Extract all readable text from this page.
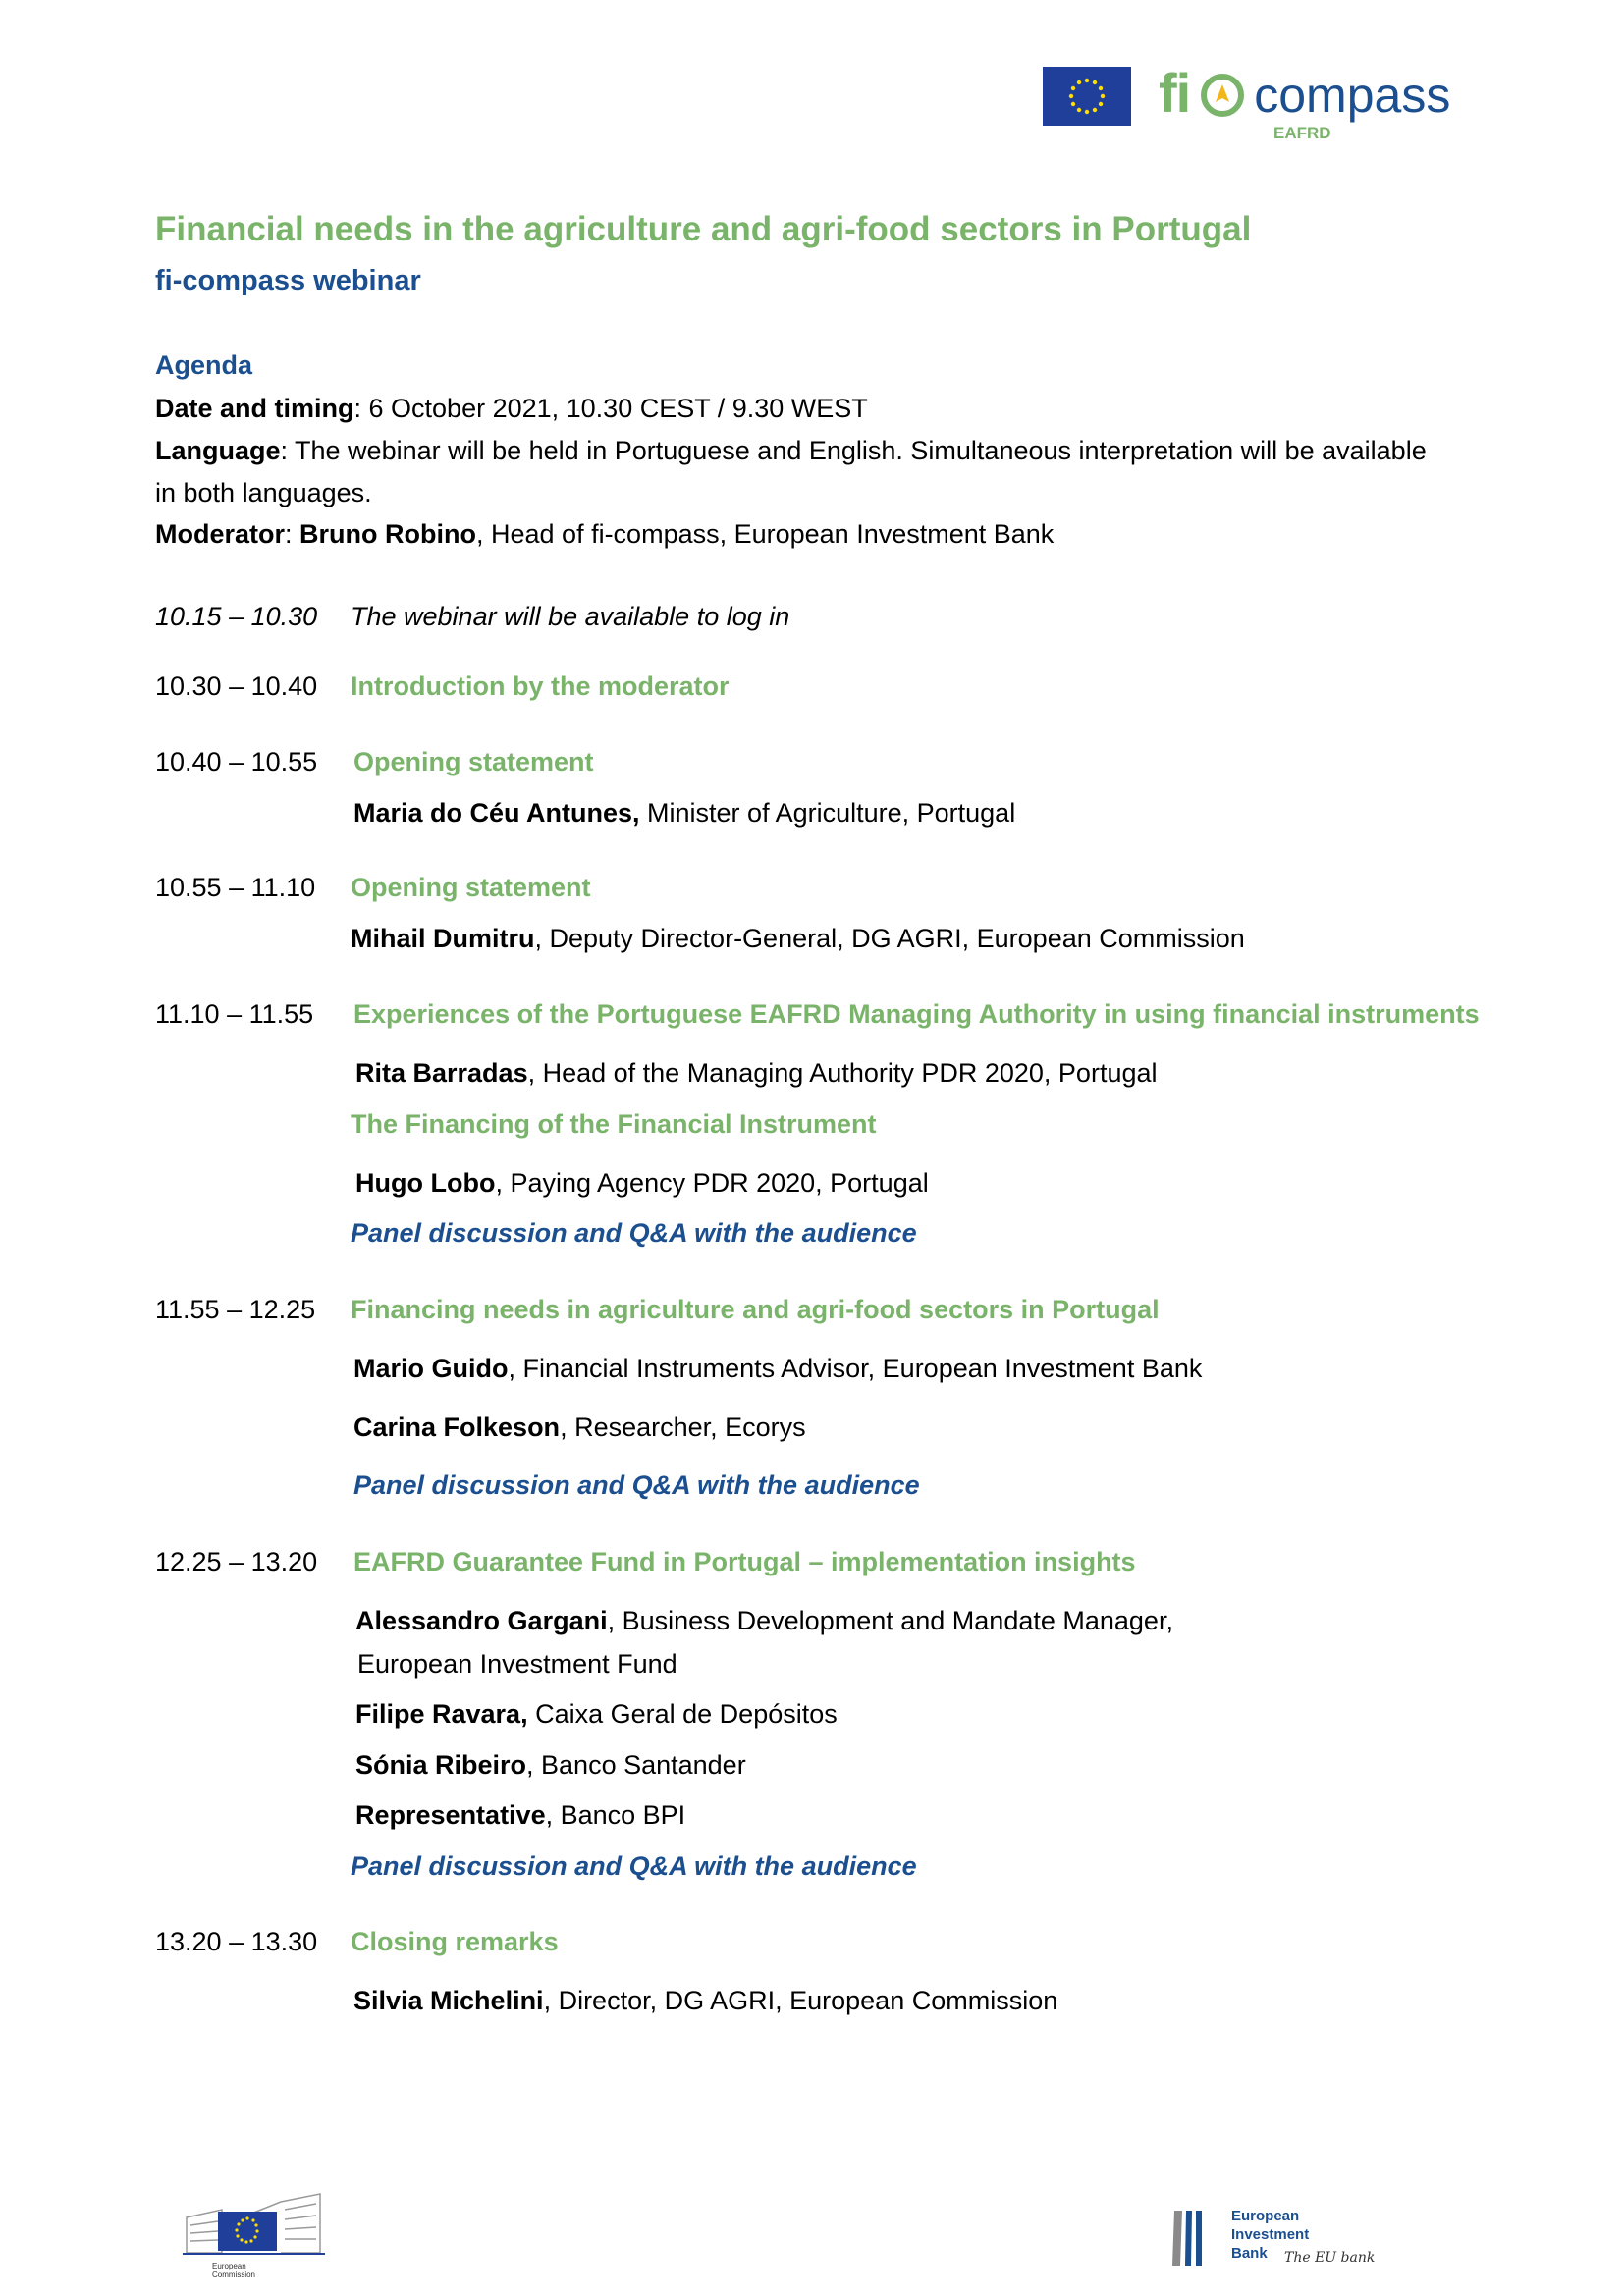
fi compass
EAFRD
Financial needs in the agriculture and agri-food sectors in Portugal
fi-compass webinar
Agenda
Date and timing: 6 October 2021, 10.30 CEST / 9.30 WEST
Language: The webinar will be held in Portuguese and English. Simultaneous interpretation will be available
in both languages.
Moderator: Bruno Robino, Head of fi-compass, European Investment Bank
10.15 – 10.30 The webinar will be available to log in
10.30 – 10.40 Introduction by the moderator
10.40 – 10.55 Opening statement
Maria do Céu Antunes, Minister of Agriculture, Portugal
10.55 – 11.10 Opening statement
Mihail Dumitru, Deputy Director-General, DG AGRI, European Commission
11.10 – 11.55 Experiences of the Portuguese EAFRD Managing Authority in using financial instruments
Rita Barradas, Head of the Managing Authority PDR 2020, Portugal
The Financing of the Financial Instrument
Hugo Lobo, Paying Agency PDR 2020, Portugal
Panel discussion and Q&A with the audience
11.55 – 12.25 Financing needs in agriculture and agri-food sectors in Portugal
Mario Guido, Financial Instruments Advisor, European Investment Bank
Carina Folkeson, Researcher, Ecorys
Panel discussion and Q&A with the audience
12.25 – 13.20 EAFRD Guarantee Fund in Portugal – implementation insights
Alessandro Gargani, Business Development and Mandate Manager,
European Investment Fund
Filipe Ravara, Caixa Geral de Depósitos
Sónia Ribeiro, Banco Santander
Representative, Banco BPI
Panel discussion and Q&A with the audience
13.20 – 13.30 Closing remarks
Silvia Michelini, Director, DG AGRI, European Commission
European
Commission
European
Investment
Bank	The EU bank
